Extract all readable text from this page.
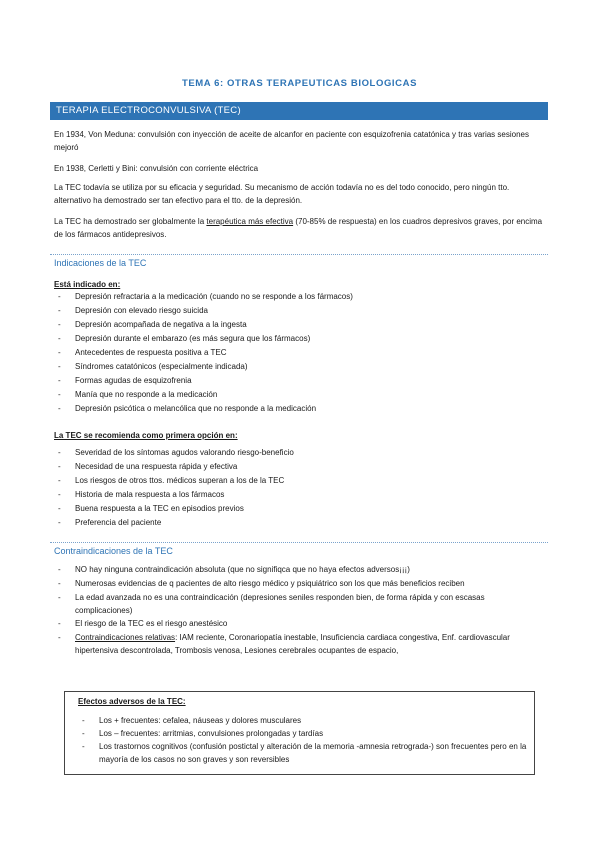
TEMA 6: OTRAS TERAPEUTICAS BIOLOGICAS
TERAPIA ELECTROCONVULSIVA (TEC)

En 1934, Von Meduna: convulsión con inyección de aceite de alcanfor en paciente con esquizofrenia catatónica y tras varias sesiones mejoró

En 1938, Cerletti y Bini: convulsión con corriente eléctrica

La TEC todavía se utiliza por su eficacia y seguridad. Su mecanismo de acción todavía no es del todo conocido, pero ningún tto. alternativo ha demostrado ser tan efectivo para el tto. de la depresión.

La TEC ha demostrado ser globalmente la terapéutica más efectiva (70-85% de respuesta) en los cuadros depresivos graves, por encima de los fármacos antidepresivos.

Indicaciones de la TEC
Está indicado en:
- Depresión refractaria a la medicación (cuando no se responde a los fármacos)
- Depresión con elevado riesgo suicida
- Depresión acompañada de negativa a la ingesta
- Depresión durante el embarazo (es más segura que los fármacos)
- Antecedentes de respuesta positiva a TEC
- Síndromes catatónicos (especialmente indicada)
- Formas agudas de esquizofrenia
- Manía que no responde a la medicación
- Depresión psicótica o melancólica que no responde a la medicación
La TEC se recomienda como primera opción en:
- Severidad de los síntomas agudos valorando riesgo-beneficio
- Necesidad de una respuesta rápida y efectiva
- Los riesgos de otros ttos. médicos superan a los de la TEC
- Historia de mala respuesta a los fármacos
- Buena respuesta a la TEC en episodios previos
- Preferencia del paciente
Contraindicaciones de la TEC
- NO hay ninguna contraindicación absoluta (que no signifiqca que no haya efectos adversos¡¡¡)
- Numerosas evidencias de q pacientes de alto riesgo médico y psiquiátrico son los que más beneficios reciben
- La edad avanzada no es una contraindicación (depresiones seniles responden bien, de forma rápida y con escasas complicaciones)
- El riesgo de la TEC es el riesgo anestésico
- Contraindicaciones relativas: IAM reciente, Coronariopatía inestable, Insuficiencia cardiaca congestiva, Enf. cardiovascular hipertensiva descontrolada, Trombosis venosa, Lesiones cerebrales ocupantes de espacio,
Efectos adversos de la TEC:
- Los + frecuentes: cefalea, náuseas y dolores musculares
- Los – frecuentes: arritmias, convulsiones prolongadas y tardías
- Los trastornos cognitivos (confusión postictal y alteración de la memoria -amnesia retrograda-) son frecuentes pero en la mayoría de los casos no son graves y son reversibles
